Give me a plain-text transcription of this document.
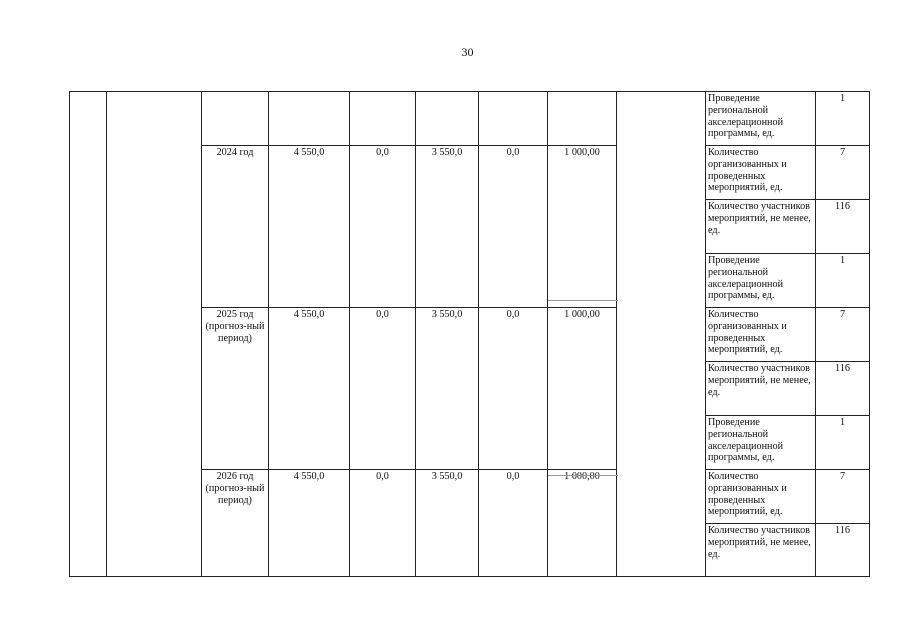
30
									Проведение региональной акселерационной программы, ед.	1
		2024 год	4 550,0	0,0	3 550,0	0,0	1 000,00		Количество организованных и проведенных мероприятий, ед.	7
									Количество участников мероприятий, не менее, ед.	116
									Проведение региональной акселерационной программы, ед.	1
		2025 год (прогноз-ный период)	4 550,0	0,0	3 550,0	0,0	1 000,00		Количество организованных и проведенных мероприятий, ед.	7
									Количество участников мероприятий, не менее, ед.	116
									Проведение региональной акселерационной программы, ед.	1
		2026 год (прогноз-ный период)	4 550,0	0,0	3 550,0	0,0	1 000,00		Количество организованных и проведенных мероприятий, ед.	7
									Количество участников мероприятий, не менее, ед.	116
